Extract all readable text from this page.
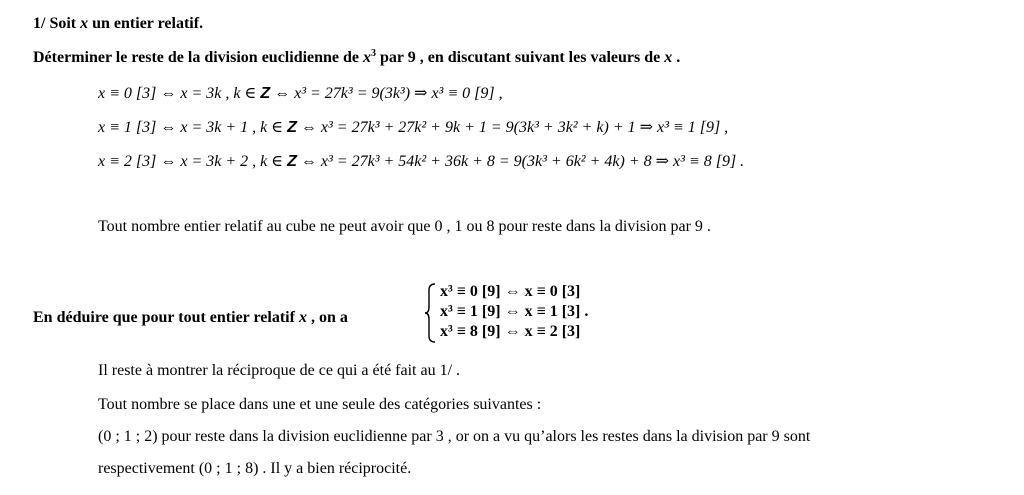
1/ Soit x un entier relatif.
Déterminer le reste de la division euclidienne de $x^3$ par 9 , en discutant suivant les valeurs de x .
x ≡ 0 [3] ⇔ x = 3k , k ∈ Z ⇔ x³ = 27k³ = 9(3k³) ⇒ x³ ≡ 0 [9] ,
x ≡ 1 [3] ⇔ x = 3k + 1 , k ∈ Z ⇔ x³ = 27k³ + 27k² + 9k + 1 = 9(3k³ + 3k² + k) + 1 ⇒ x³ ≡ 1 [9] ,
x ≡ 2 [3] ⇔ x = 3k + 2 , k ∈ Z ⇔ x³ = 27k³ + 54k² + 36k + 8 = 9(3k³ + 6k² + 4k) + 8 ⇒ x³ ≡ 8 [9] .
Tout nombre entier relatif au cube ne peut avoir que 0 , 1 ou 8 pour reste dans la division par 9 .
En déduire que pour tout entier relatif x , on a
x³ ≡ 0 [9] ⇔ x ≡ 0 [3]
x³ ≡ 1 [9] ⇔ x ≡ 1 [3] .
x³ ≡ 8 [9] ⇔ x ≡ 2 [3]
Il reste à montrer la réciproque de ce qui a été fait au 1/ .
Tout nombre se place dans une et une seule des catégories suivantes :
(0 ; 1 ; 2) pour reste dans la division euclidienne par 3 , or on a vu qu’alors les restes dans la division par 9 sont
respectivement (0 ; 1 ; 8) . Il y a bien réciprocité.
